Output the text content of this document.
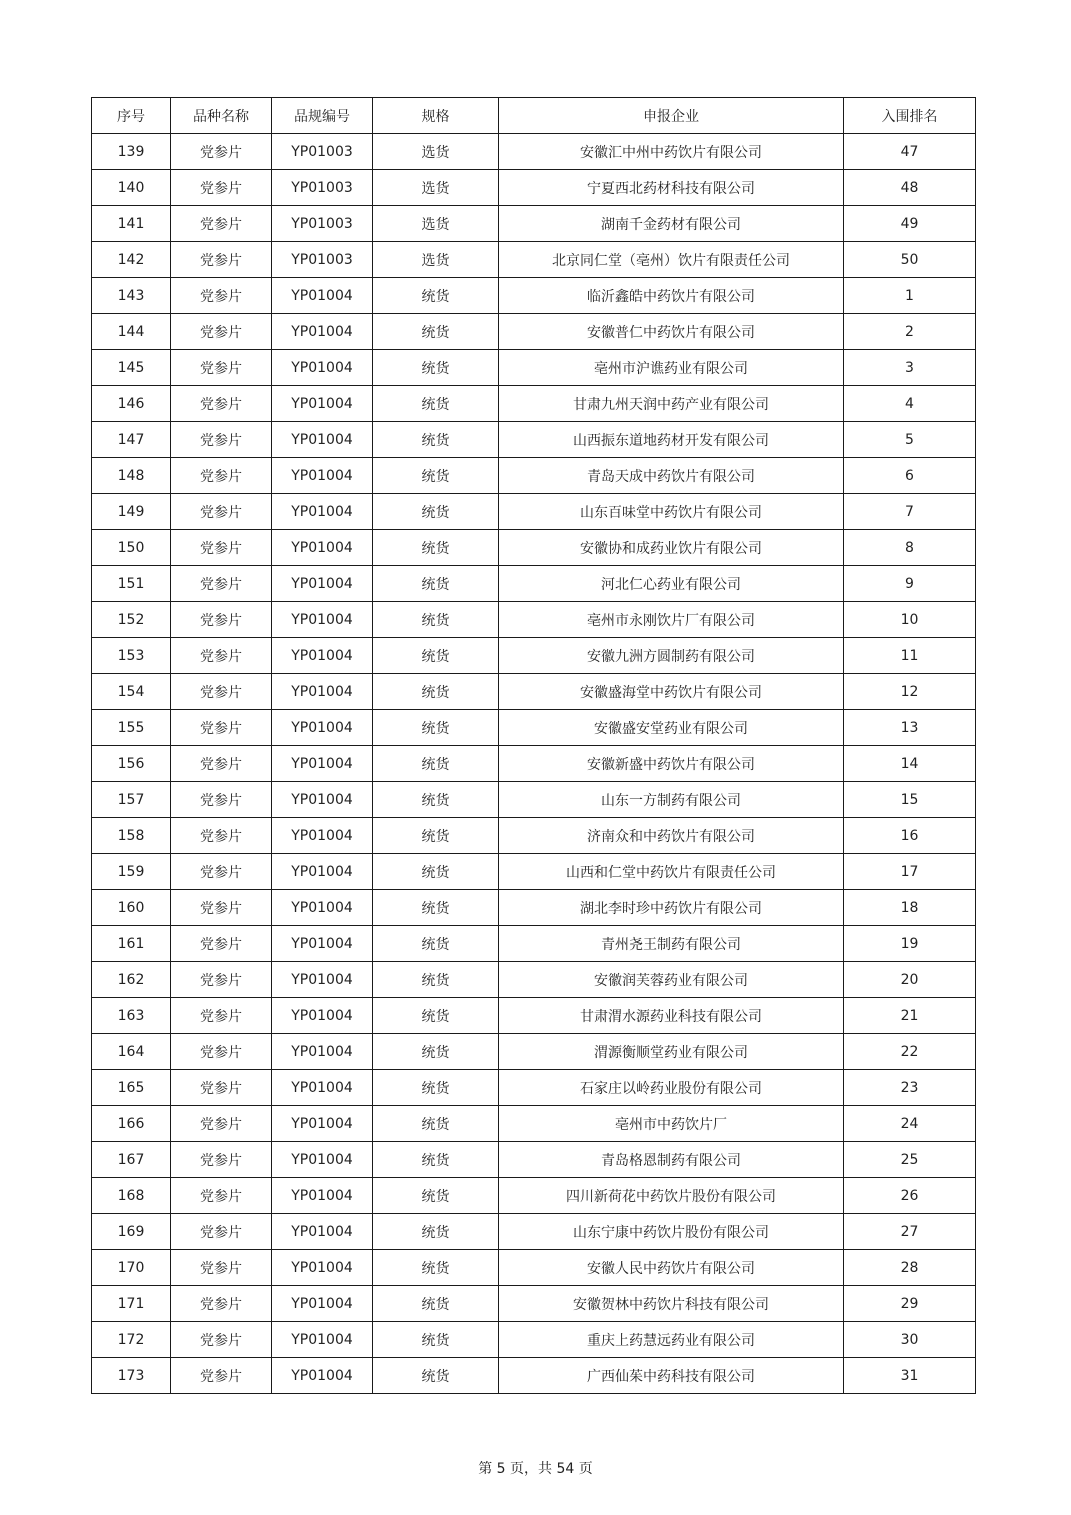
序号	品种名称	品规编号	规格	申报企业	入围排名
139	党参片	YP01003	选货	安徽汇中州中药饮片有限公司	47
140	党参片	YP01003	选货	宁夏西北药材科技有限公司	48
141	党参片	YP01003	选货	湖南千金药材有限公司	49
142	党参片	YP01003	选货	北京同仁堂（亳州）饮片有限责任公司	50
143	党参片	YP01004	统货	临沂鑫皓中药饮片有限公司	1
144	党参片	YP01004	统货	安徽普仁中药饮片有限公司	2
145	党参片	YP01004	统货	亳州市沪谯药业有限公司	3
146	党参片	YP01004	统货	甘肃九州天润中药产业有限公司	4
147	党参片	YP01004	统货	山西振东道地药材开发有限公司	5
148	党参片	YP01004	统货	青岛天成中药饮片有限公司	6
149	党参片	YP01004	统货	山东百味堂中药饮片有限公司	7
150	党参片	YP01004	统货	安徽协和成药业饮片有限公司	8
151	党参片	YP01004	统货	河北仁心药业有限公司	9
152	党参片	YP01004	统货	亳州市永刚饮片厂有限公司	10
153	党参片	YP01004	统货	安徽九洲方圆制药有限公司	11
154	党参片	YP01004	统货	安徽盛海堂中药饮片有限公司	12
155	党参片	YP01004	统货	安徽盛安堂药业有限公司	13
156	党参片	YP01004	统货	安徽新盛中药饮片有限公司	14
157	党参片	YP01004	统货	山东一方制药有限公司	15
158	党参片	YP01004	统货	济南众和中药饮片有限公司	16
159	党参片	YP01004	统货	山西和仁堂中药饮片有限责任公司	17
160	党参片	YP01004	统货	湖北李时珍中药饮片有限公司	18
161	党参片	YP01004	统货	青州尧王制药有限公司	19
162	党参片	YP01004	统货	安徽润芙蓉药业有限公司	20
163	党参片	YP01004	统货	甘肃渭水源药业科技有限公司	21
164	党参片	YP01004	统货	渭源衡顺堂药业有限公司	22
165	党参片	YP01004	统货	石家庄以岭药业股份有限公司	23
166	党参片	YP01004	统货	亳州市中药饮片厂	24
167	党参片	YP01004	统货	青岛格恩制药有限公司	25
168	党参片	YP01004	统货	四川新荷花中药饮片股份有限公司	26
169	党参片	YP01004	统货	山东宁康中药饮片股份有限公司	27
170	党参片	YP01004	统货	安徽人民中药饮片有限公司	28
171	党参片	YP01004	统货	安徽贺林中药饮片科技有限公司	29
172	党参片	YP01004	统货	重庆上药慧远药业有限公司	30
173	党参片	YP01004	统货	广西仙茱中药科技有限公司	31
第 5 页，共 54 页
